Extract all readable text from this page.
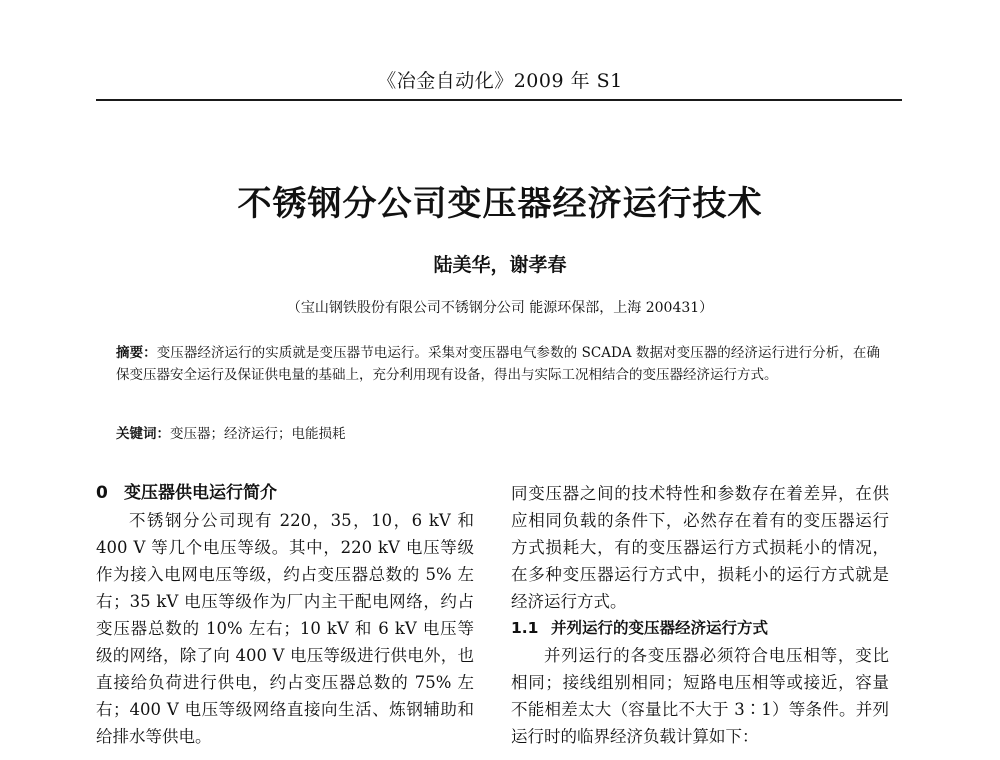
《冶金自动化》2009 年 S1
不锈钢分公司变压器经济运行技术
陆美华，谢孝春
（宝山钢铁股份有限公司不锈钢分公司 能源环保部，上海 200431）
摘要：变压器经济运行的实质就是变压器节电运行。采集对变压器电气参数的 SCADA 数据对变压器的经济运行进行分析，在确保变压器安全运行及保证供电量的基础上，充分利用现有设备，得出与实际工况相结合的变压器经济运行方式。
关键词：变压器；经济运行；电能损耗
0 变压器供电运行简介

不锈钢分公司现有 220，35，10，6 kV 和 400 V 等几个电压等级。其中，220 kV 电压等级作为接入电网电压等级，约占变压器总数的 5% 左右；35 kV 电压等级作为厂内主干配电网络，约占变压器总数的 10% 左右；10 kV 和 6 kV 电压等级的网络，除了向 400 V 电压等级进行供电外，也直接给负荷进行供电，约占变压器总数的 75% 左右；400 V 电压等级网络直接向生活、炼钢辅助和给排水等供电。

同变压器之间的技术特性和参数存在着差异，在供应相同负载的条件下，必然存在着有的变压器运行方式损耗大，有的变压器运行方式损耗小的情况，在多种变压器运行方式中，损耗小的运行方式就是经济运行方式。

1.1 并列运行的变压器经济运行方式

并列运行的各变压器必须符合电压相等，变比相同；接线组别相同；短路电压相等或接近，容量不能相差太大（容量比不大于 3∶1）等条件。并列运行时的临界经济负载计算如下：
